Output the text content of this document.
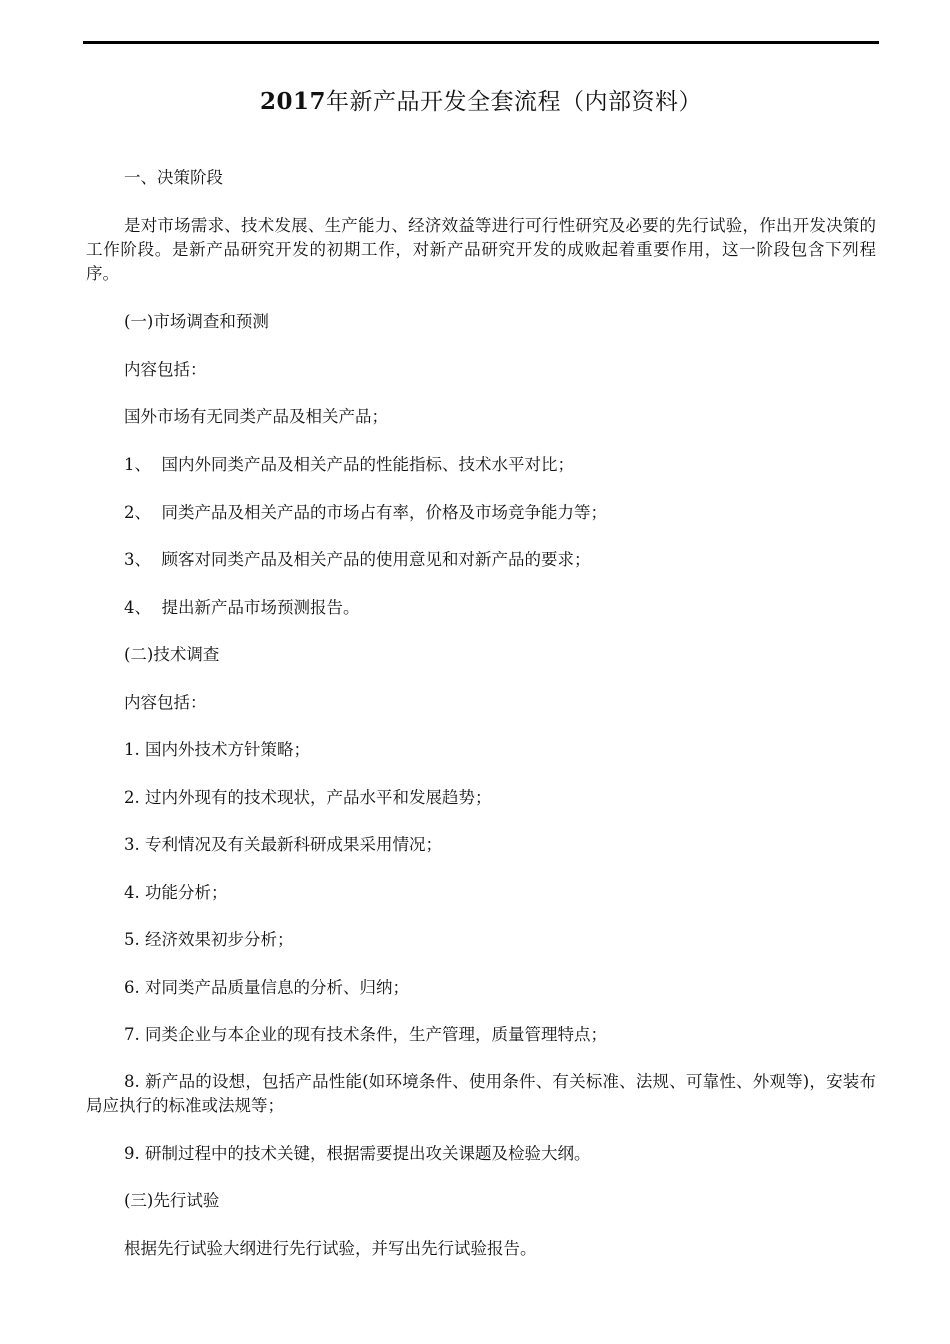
2017年新产品开发全套流程（内部资料）

一、决策阶段

是对市场需求、技术发展、生产能力、经济效益等进行可行性研究及必要的先行试验，作出开发决策的工作阶段。是新产品研究开发的初期工作，对新产品研究开发的成败起着重要作用，这一阶段包含下列程序。

(一)市场调查和预测

内容包括：

国外市场有无同类产品及相关产品；

1、  国内外同类产品及相关产品的性能指标、技术水平对比；

2、  同类产品及相关产品的市场占有率，价格及市场竞争能力等；

3、  顾客对同类产品及相关产品的使用意见和对新产品的要求；

4、  提出新产品市场预测报告。

(二)技术调查

内容包括：

1. 国内外技术方针策略；

2. 过内外现有的技术现状，产品水平和发展趋势；

3. 专利情况及有关最新科研成果采用情况；

4. 功能分析；

5. 经济效果初步分析；

6. 对同类产品质量信息的分析、归纳；

7. 同类企业与本企业的现有技术条件，生产管理，质量管理特点；

8. 新产品的设想，包括产品性能(如环境条件、使用条件、有关标准、法规、可靠性、外观等)，安装布局应执行的标准或法规等；

9. 研制过程中的技术关键，根据需要提出攻关课题及检验大纲。

(三)先行试验

根据先行试验大纲进行先行试验，并写出先行试验报告。
